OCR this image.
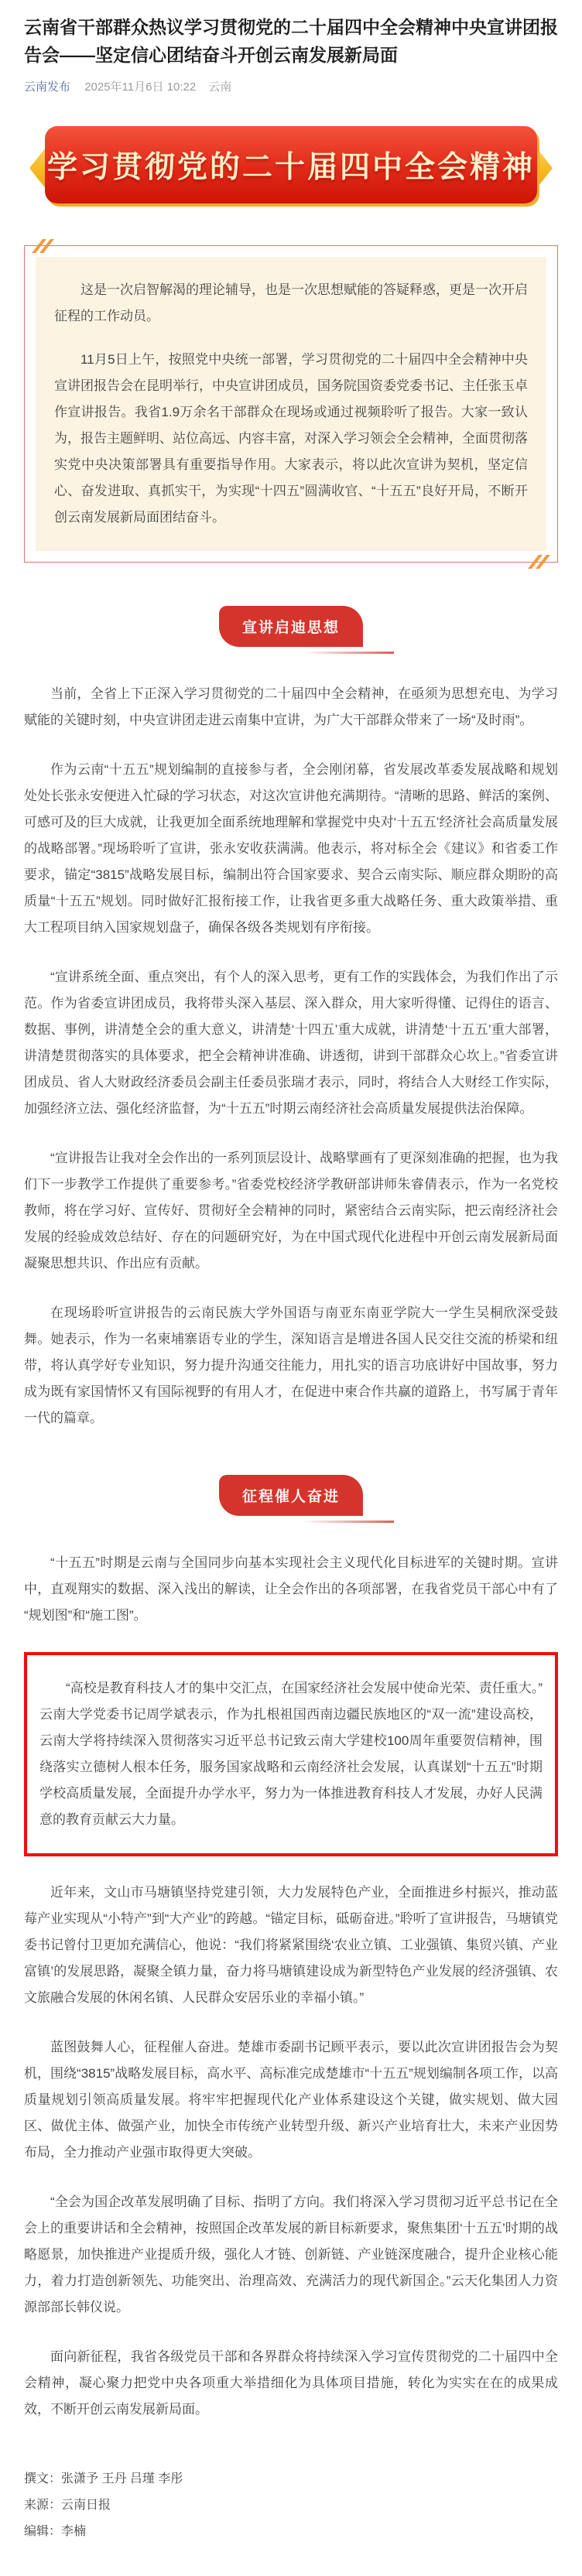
云南省干部群众热议学习贯彻党的二十届四中全会精神中央宣讲团报告会——坚定信心团结奋斗开创云南发展新局面
云南发布 2025年11月6日 10:22 云南
学习贯彻党的二十届四中全会精神

这是一次启智解渴的理论辅导，也是一次思想赋能的答疑释惑，更是一次开启征程的工作动员。

11月5日上午，按照党中央统一部署，学习贯彻党的二十届四中全会精神中央宣讲团报告会在昆明举行，中央宣讲团成员，国务院国资委党委书记、主任张玉卓作宣讲报告。我省1.9万余名干部群众在现场或通过视频聆听了报告。大家一致认为，报告主题鲜明、站位高远、内容丰富，对深入学习领会全会精神，全面贯彻落实党中央决策部署具有重要指导作用。大家表示，将以此次宣讲为契机，坚定信心、奋发进取、真抓实干，为实现“十四五”圆满收官、“十五五”良好开局，不断开创云南发展新局面团结奋斗。

宣讲启迪思想

当前，全省上下正深入学习贯彻党的二十届四中全会精神，在亟须为思想充电、为学习赋能的关键时刻，中央宣讲团走进云南集中宣讲，为广大干部群众带来了一场“及时雨”。

作为云南“十五五”规划编制的直接参与者，全会刚闭幕，省发展改革委发展战略和规划处处长张永安便进入忙碌的学习状态，对这次宣讲他充满期待。“清晰的思路、鲜活的案例、可感可及的巨大成就，让我更加全面系统地理解和掌握党中央对‘十五五’经济社会高质量发展的战略部署。”现场聆听了宣讲，张永安收获满满。他表示，将对标全会《建议》和省委工作要求，锚定“3815”战略发展目标，编制出符合国家要求、契合云南实际、顺应群众期盼的高质量“十五五”规划。同时做好汇报衔接工作，让我省更多重大战略任务、重大政策举措、重大工程项目纳入国家规划盘子，确保各级各类规划有序衔接。

“宣讲系统全面、重点突出，有个人的深入思考，更有工作的实践体会，为我们作出了示范。作为省委宣讲团成员，我将带头深入基层、深入群众，用大家听得懂、记得住的语言、数据、事例，讲清楚全会的重大意义，讲清楚‘十四五’重大成就，讲清楚‘十五五’重大部署，讲清楚贯彻落实的具体要求，把全会精神讲准确、讲透彻，讲到干部群众心坎上。”省委宣讲团成员、省人大财政经济委员会副主任委员张瑞才表示，同时，将结合人大财经工作实际，加强经济立法、强化经济监督，为“十五五”时期云南经济社会高质量发展提供法治保障。

“宣讲报告让我对全会作出的一系列顶层设计、战略擘画有了更深刻准确的把握，也为我们下一步教学工作提供了重要参考。”省委党校经济学教研部讲师朱睿倩表示，作为一名党校教师，将在学习好、宣传好、贯彻好全会精神的同时，紧密结合云南实际，把云南经济社会发展的经验成效总结好、存在的问题研究好，为在中国式现代化进程中开创云南发展新局面凝聚思想共识、作出应有贡献。

在现场聆听宣讲报告的云南民族大学外国语与南亚东南亚学院大一学生吴桐欣深受鼓舞。她表示，作为一名柬埔寨语专业的学生，深知语言是增进各国人民交往交流的桥梁和纽带，将认真学好专业知识，努力提升沟通交往能力，用扎实的语言功底讲好中国故事，努力成为既有家国情怀又有国际视野的有用人才，在促进中柬合作共赢的道路上，书写属于青年一代的篇章。

征程催人奋进

“十五五”时期是云南与全国同步向基本实现社会主义现代化目标进军的关键时期。宣讲中，直观翔实的数据、深入浅出的解读，让全会作出的各项部署，在我省党员干部心中有了“规划图”和“施工图”。

“高校是教育科技人才的集中交汇点，在国家经济社会发展中使命光荣、责任重大。”云南大学党委书记周学斌表示，作为扎根祖国西南边疆民族地区的“双一流”建设高校，云南大学将持续深入贯彻落实习近平总书记致云南大学建校100周年重要贺信精神，围绕落实立德树人根本任务，服务国家战略和云南经济社会发展，认真谋划“十五五”时期学校高质量发展，全面提升办学水平，努力为一体推进教育科技人才发展，办好人民满意的教育贡献云大力量。

近年来，文山市马塘镇坚持党建引领，大力发展特色产业，全面推进乡村振兴，推动蓝莓产业实现从“小特产”到“大产业”的跨越。“锚定目标，砥砺奋进。”聆听了宣讲报告，马塘镇党委书记曾付卫更加充满信心，他说：“我们将紧紧围绕‘农业立镇、工业强镇、集贸兴镇、产业富镇’的发展思路，凝聚全镇力量，奋力将马塘镇建设成为新型特色产业发展的经济强镇、农文旅融合发展的休闲名镇、人民群众安居乐业的幸福小镇。”

蓝图鼓舞人心，征程催人奋进。楚雄市委副书记顾平表示，要以此次宣讲团报告会为契机，围绕“3815”战略发展目标，高水平、高标准完成楚雄市“十五五”规划编制各项工作，以高质量规划引领高质量发展。将牢牢把握现代化产业体系建设这个关键，做实规划、做大园区、做优主体、做强产业，加快全市传统产业转型升级、新兴产业培育壮大，未来产业因势布局，全力推动产业强市取得更大突破。

“全会为国企改革发展明确了目标、指明了方向。我们将深入学习贯彻习近平总书记在全会上的重要讲话和全会精神，按照国企改革发展的新目标新要求，聚焦集团‘十五五’时期的战略愿景，加快推进产业提质升级，强化人才链、创新链、产业链深度融合，提升企业核心能力，着力打造创新领先、功能突出、治理高效、充满活力的现代新国企。”云天化集团人力资源部部长韩仪说。

面向新征程，我省各级党员干部和各界群众将持续深入学习宣传贯彻党的二十届四中全会精神，凝心聚力把党中央各项重大举措细化为具体项目措施，转化为实实在在的成果成效，不断开创云南发展新局面。

撰文：张潇予 王丹 吕瑾 李彤
来源：云南日报
编辑：李楠
